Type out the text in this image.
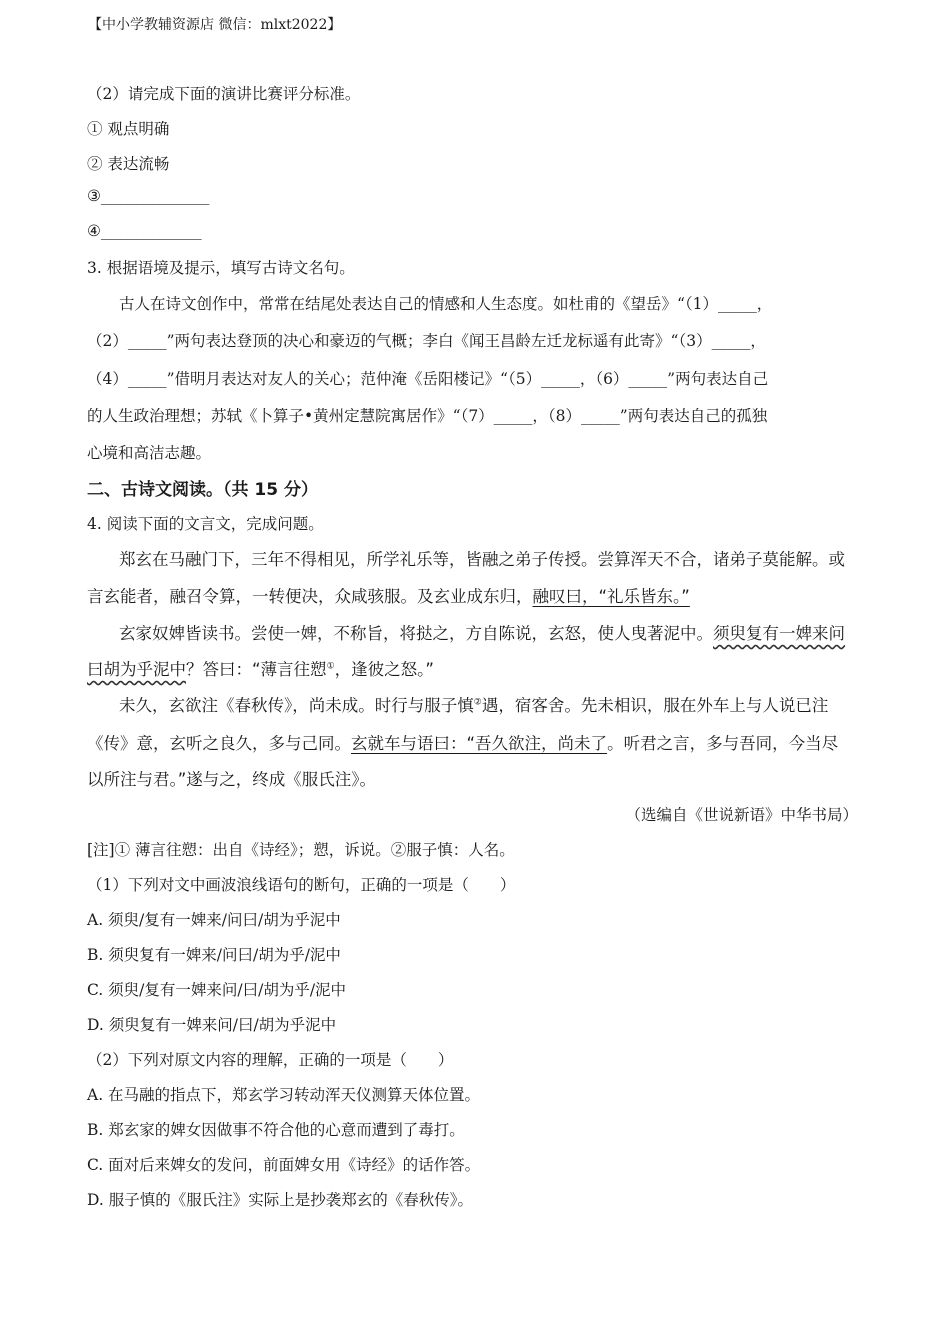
【中小学教辅资源店 微信：mlxt2022】
（2）请完成下面的演讲比赛评分标准。
① 观点明确
② 表达流畅
③______________
④_____________
3. 根据语境及提示，填写古诗文名句。
古人在诗文创作中，常常在结尾处表达自己的情感和人生态度。如杜甫的《望岳》“（1）_____，
（2）_____”两句表达登顶的决心和豪迈的气概；李白《闻王昌龄左迁龙标遥有此寄》“（3）_____，
（4）_____”借明月表达对友人的关心；范仲淹《岳阳楼记》“（5）_____，（6）_____”两句表达自己
的人生政治理想；苏轼《卜算子•黄州定慧院寓居作》“（7）_____，（8）_____”两句表达自己的孤独
心境和高洁志趣。
二、古诗文阅读。（共 15 分）
4. 阅读下面的文言文，完成问题。
郑玄在马融门下，三年不得相见，所学礼乐等，皆融之弟子传授。尝算浑天不合，诸弟子莫能解。或
言玄能者，融召令算，一转便决，众咸骇服。及玄业成东归，融叹曰，“礼乐皆东。”
玄家奴婢皆读书。尝使一婢，不称旨，将挞之，方自陈说，玄怒，使人曳著泥中。须臾复有一婢来问
曰胡为乎泥中？答曰：“薄言往愬①，逢彼之怒。”
未久，玄欲注《春秋传》，尚未成。时行与服子慎②遇，宿客舍。先未相识，服在外车上与人说已注
《传》意，玄听之良久，多与己同。玄就车与语曰：“吾久欲注，尚未了。听君之言，多与吾同，今当尽
以所注与君。”遂与之，终成《服氏注》。
（选编自《世说新语》中华书局）
[注]① 薄言往愬：出自《诗经》；愬，诉说。②服子慎：人名。
（1）下列对文中画波浪线语句的断句，正确的一项是（　　）
A. 须臾/复有一婢来/问曰/胡为乎泥中
B. 须臾复有一婢来/问曰/胡为乎/泥中
C. 须臾/复有一婢来问/曰/胡为乎/泥中
D. 须臾复有一婢来问/曰/胡为乎泥中
（2）下列对原文内容的理解，正确的一项是（　　）
A. 在马融的指点下，郑玄学习转动浑天仪测算天体位置。
B. 郑玄家的婢女因做事不符合他的心意而遭到了毒打。
C. 面对后来婢女的发问，前面婢女用《诗经》的话作答。
D. 服子慎的《服氏注》实际上是抄袭郑玄的《春秋传》。
